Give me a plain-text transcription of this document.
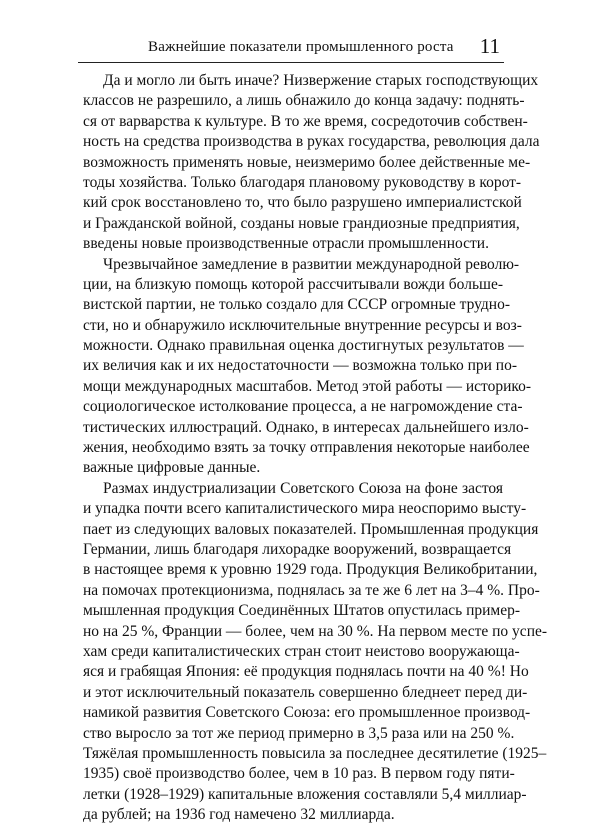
Важнейшие показатели промышленного роста 11

Да и могло ли быть иначе? Низвержение старых господствующих
классов не разрешило, а лишь обнажило до конца задачу: поднять-
ся от варварства к культуре. В то же время, сосредоточив собствен-
ность на средства производства в руках государства, революция дала
возможность применять новые, неизмеримо более действенные ме-
тоды хозяйства. Только благодаря плановому руководству в корот-
кий срок восстановлено то, что было разрушено империалистской
и Гражданской войной, созданы новые грандиозные предприятия,
введены новые производственные отрасли промышленности.

Чрезвычайное замедление в развитии международной револю-
ции, на близкую помощь которой рассчитывали вожди больше-
вистской партии, не только создало для СССР огромные трудно-
сти, но и обнаружило исключительные внутренние ресурсы и воз-
можности. Однако правильная оценка достигнутых результатов —
их величия как и их недостаточности — возможна только при по-
мощи международных масштабов. Метод этой работы — историко-
социологическое истолкование процесса, а не нагромождение ста-
тистических иллюстраций. Однако, в интересах дальнейшего изло-
жения, необходимо взять за точку отправления некоторые наиболее
важные цифровые данные.

Размах индустриализации Советского Союза на фоне застоя
и упадка почти всего капиталистического мира неоспоримо высту-
пает из следующих валовых показателей. Промышленная продукция
Германии, лишь благодаря лихорадке вооружений, возвращается
в настоящее время к уровню 1929 года. Продукция Великобритании,
на помочах протекционизма, поднялась за те же 6 лет на 3–4 %. Про-
мышленная продукция Соединённых Штатов опустилась пример-
но на 25 %, Франции — более, чем на 30 %. На первом месте по успе-
хам среди капиталистических стран стоит неистово вооружающа-
яся и грабящая Япония: её продукция поднялась почти на 40 %! Но
и этот исключительный показатель совершенно бледнеет перед ди-
намикой развития Советского Союза: его промышленное производ-
ство выросло за тот же период примерно в 3,5 раза или на 250 %.
Тяжёлая промышленность повысила за последнее десятилетие (1925–
1935) своё производство более, чем в 10 раз. В первом году пяти-
летки (1928–1929) капитальные вложения составляли 5,4 миллиар-
да рублей; на 1936 год намечено 32 миллиарда.
